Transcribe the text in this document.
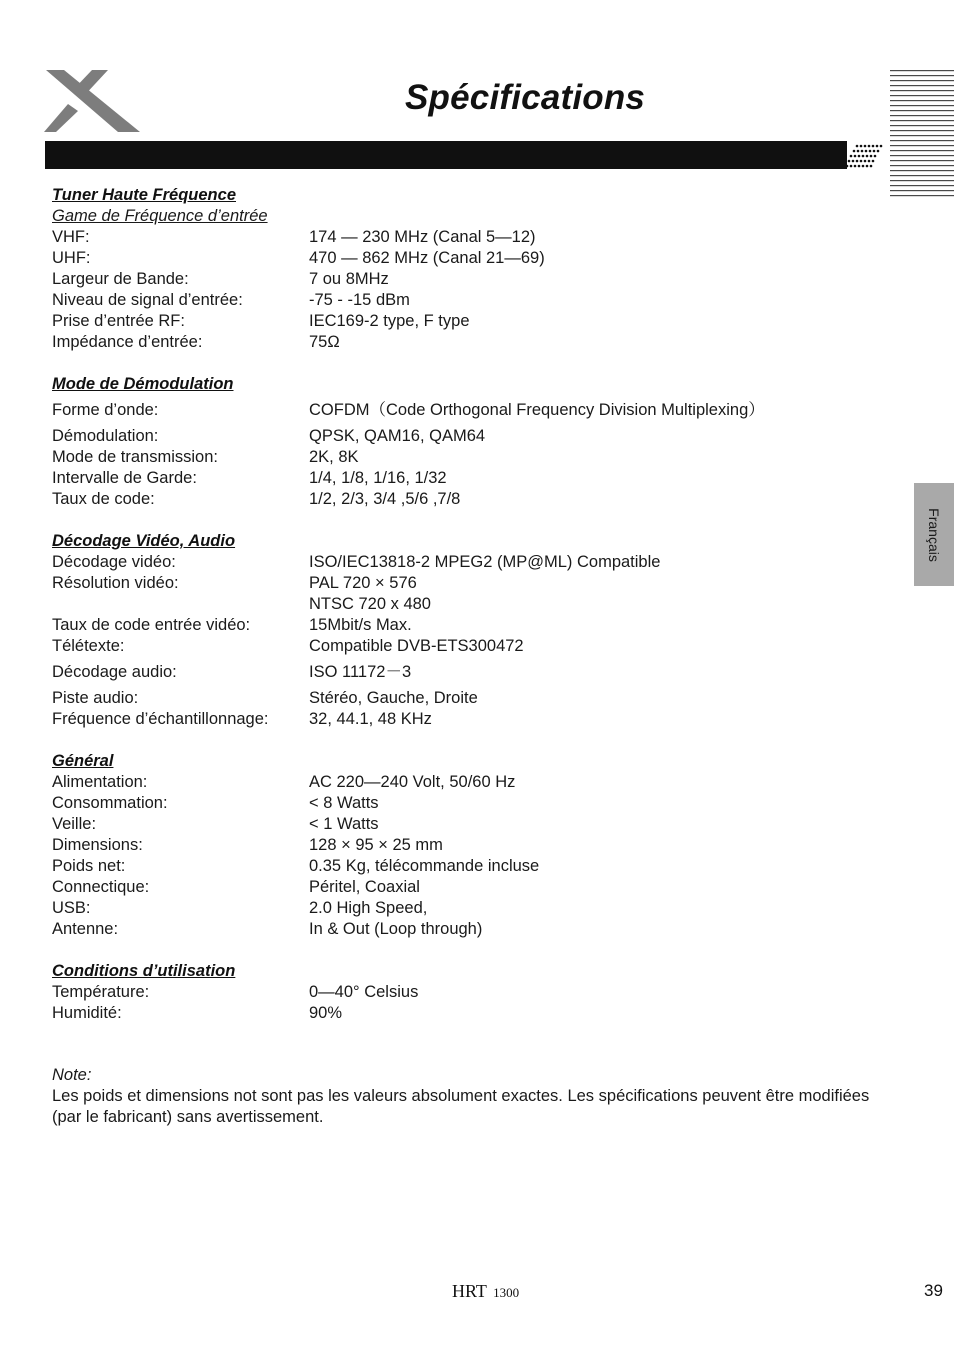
Spécifications
Français
Tuner Haute Fréquence
Game de Fréquence d’entrée
VHF:	174 — 230 MHz (Canal 5—12)
UHF:	470 — 862 MHz (Canal 21—69)
Largeur de Bande:	7 ou 8MHz
Niveau de signal d’entrée:	-75 - -15 dBm
Prise d’entrée RF:	IEC169-2 type, F type
Impédance d’entrée:	75Ω
Mode de Démodulation
Forme d’onde:	COFDM（Code Orthogonal Frequency Division Multiplexing）
Démodulation:	QPSK, QAM16, QAM64
Mode de transmission:	2K, 8K
Intervalle de Garde:	1/4, 1/8, 1/16, 1/32
Taux de code:	1/2, 2/3, 3/4 ,5/6 ,7/8
Décodage Vidéo, Audio
Décodage vidéo:	ISO/IEC13818-2 MPEG2 (MP@ML) Compatible
Résolution vidéo:	PAL 720 × 576
NTSC 720 x 480
Taux de code entrée vidéo:	15Mbit/s Max.
Télétexte:	Compatible DVB-ETS300472
Décodage audio:	ISO 11172－3
Piste audio:	Stéréo, Gauche, Droite
Fréquence d’échantillonnage:	32, 44.1, 48 KHz
Général
Alimentation:	AC 220—240 Volt, 50/60 Hz
Consommation:	< 8 Watts
Veille:	< 1 Watts
Dimensions:	128 × 95 × 25 mm
Poids net:	0.35 Kg, télécommande incluse
Connectique:	Péritel, Coaxial
USB:	2.0 High Speed,
Antenne:	In & Out (Loop through)
Conditions d’utilisation
Température:	0—40° Celsius
Humidité:	90%
Note:
Les poids et dimensions not sont pas les valeurs absolument exactes. Les spécifications peuvent être modifiées (par le fabricant) sans avertissement.
HRT 1300	39
